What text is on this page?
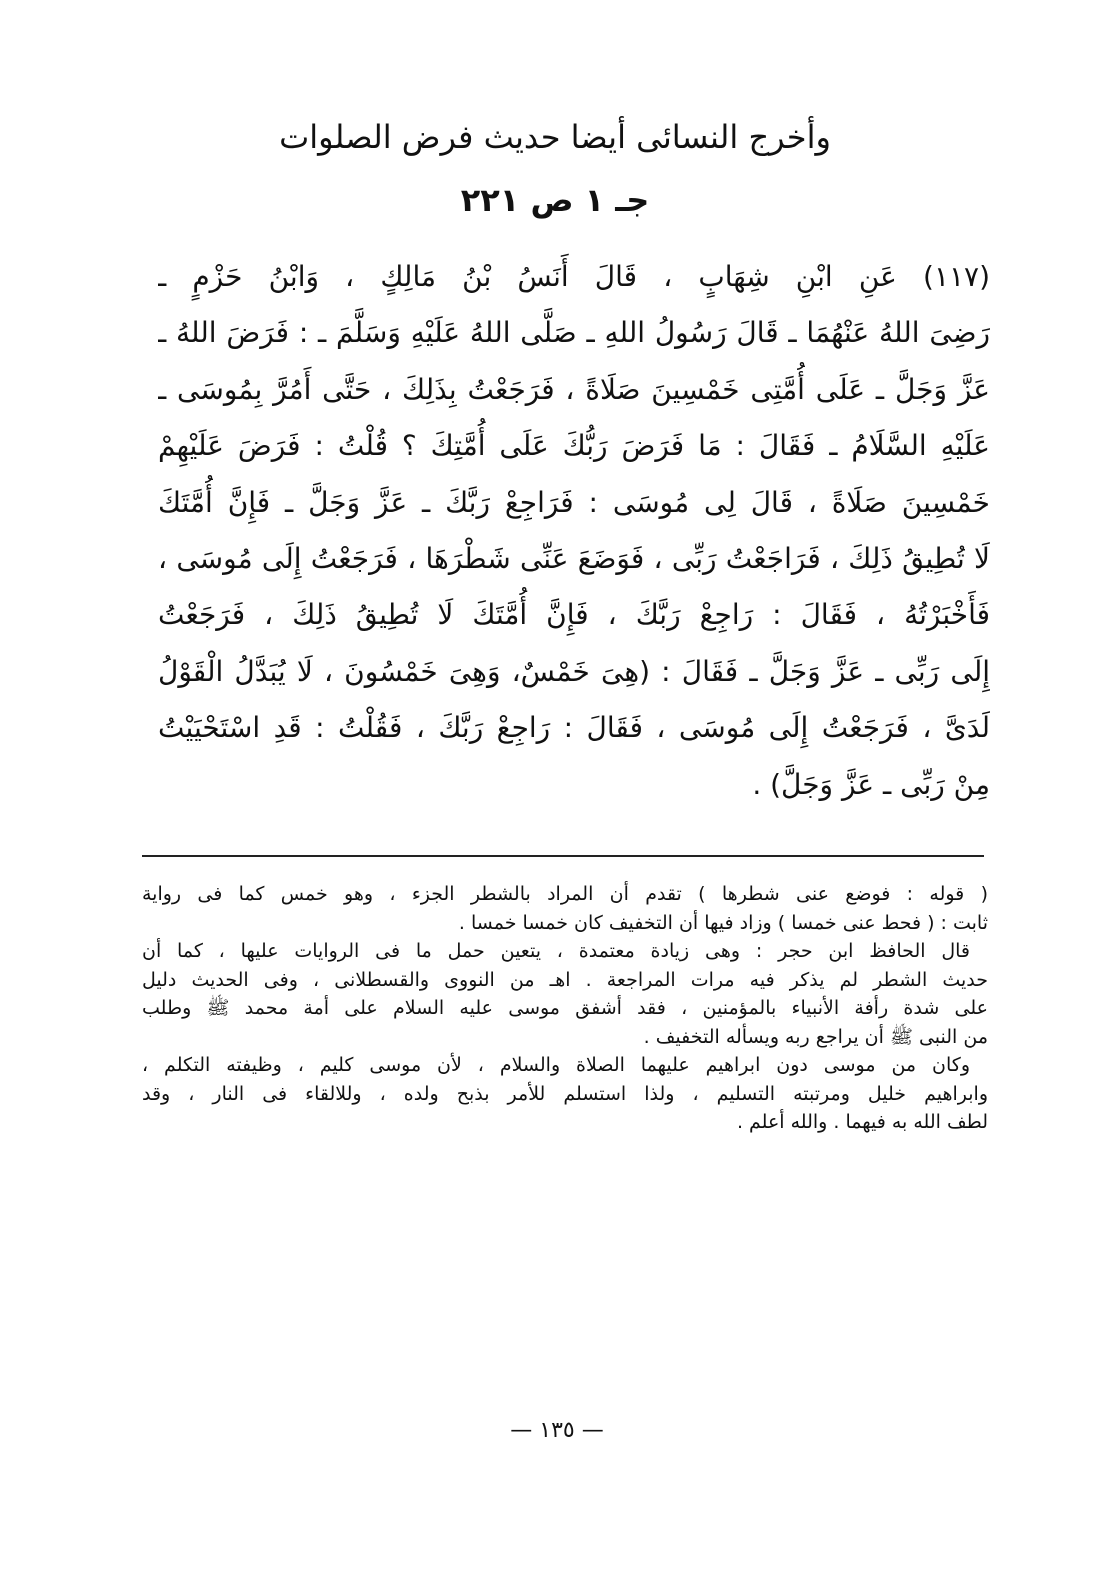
وأخرج النسائى أيضا حديث فرض الصلوات
جـ ١ ص ٢٢١
(١١٧) عَنِ ابْنِ شِهَابٍ ، قَالَ أَنَسُ بْنُ مَالِكٍ ، وَابْنُ حَزْمٍ ـ
رَضِىَ اللهُ عَنْهُمَا ـ قَالَ رَسُولُ اللهِ ـ صَلَّى اللهُ عَلَيْهِ وَسَلَّمَ ـ : فَرَضَ اللهُ ـ
عَزَّ وَجَلَّ ـ عَلَى أُمَّتِى خَمْسِينَ صَلَاةً ، فَرَجَعْتُ بِذَلِكَ ، حَتَّى أَمُرَّ بِمُوسَى ـ
عَلَيْهِ السَّلَامُ ـ فَقَالَ : مَا فَرَضَ رَبُّكَ عَلَى أُمَّتِكَ ؟ قُلْتُ : فَرَضَ عَلَيْهِمْ
خَمْسِينَ صَلَاةً ، قَالَ لِى مُوسَى : فَرَاجِعْ رَبَّكَ ـ عَزَّ وَجَلَّ ـ فَإِنَّ أُمَّتَكَ
لَا تُطِيقُ ذَلِكَ ، فَرَاجَعْتُ رَبِّى ، فَوَضَعَ عَنِّى شَطْرَهَا ، فَرَجَعْتُ إِلَى مُوسَى ،
فَأَخْبَرْتُهُ ، فَقَالَ : رَاجِعْ رَبَّكَ ، فَإِنَّ أُمَّتَكَ لَا تُطِيقُ ذَلِكَ ، فَرَجَعْتُ
إِلَى رَبِّى ـ عَزَّ وَجَلَّ ـ فَقَالَ : (هِىَ خَمْسٌ، وَهِىَ خَمْسُونَ ، لَا يُبَدَّلُ الْقَوْلُ
لَدَىَّ ، فَرَجَعْتُ إِلَى مُوسَى ، فَقَالَ : رَاجِعْ رَبَّكَ ، فَقُلْتُ : قَدِ اسْتَحْيَيْتُ
مِنْ رَبِّى ـ عَزَّ وَجَلَّ) .
( قوله : فوضع عنى شطرها ) تقدم أن المراد بالشطر الجزء ، وهو خمس كما فى رواية
ثابت : ( فحط عنى خمسا ) وزاد فيها أن التخفيف كان خمسا خمسا .
قال الحافظ ابن حجر : وهى زيادة معتمدة ، يتعين حمل ما فى الروايات عليها ، كما أن
حديث الشطر لم يذكر فيه مرات المراجعة . اهـ من النووى والقسطلانى ، وفى الحديث دليل
على شدة رأفة الأنبياء بالمؤمنين ، فقد أشفق موسى عليه السلام على أمة محمد ﷺ وطلب
من النبى ﷺ أن يراجع ربه ويسأله التخفيف .
وكان من موسى دون ابراهيم عليهما الصلاة والسلام ، لأن موسى كليم ، وظيفته التكلم ،
وابراهيم خليل ومرتبته التسليم ، ولذا استسلم للأمر بذبح ولده ، وللالقاء فى النار ، وقد
لطف الله به فيهما . والله أعلم .
— ١٣٥ —
